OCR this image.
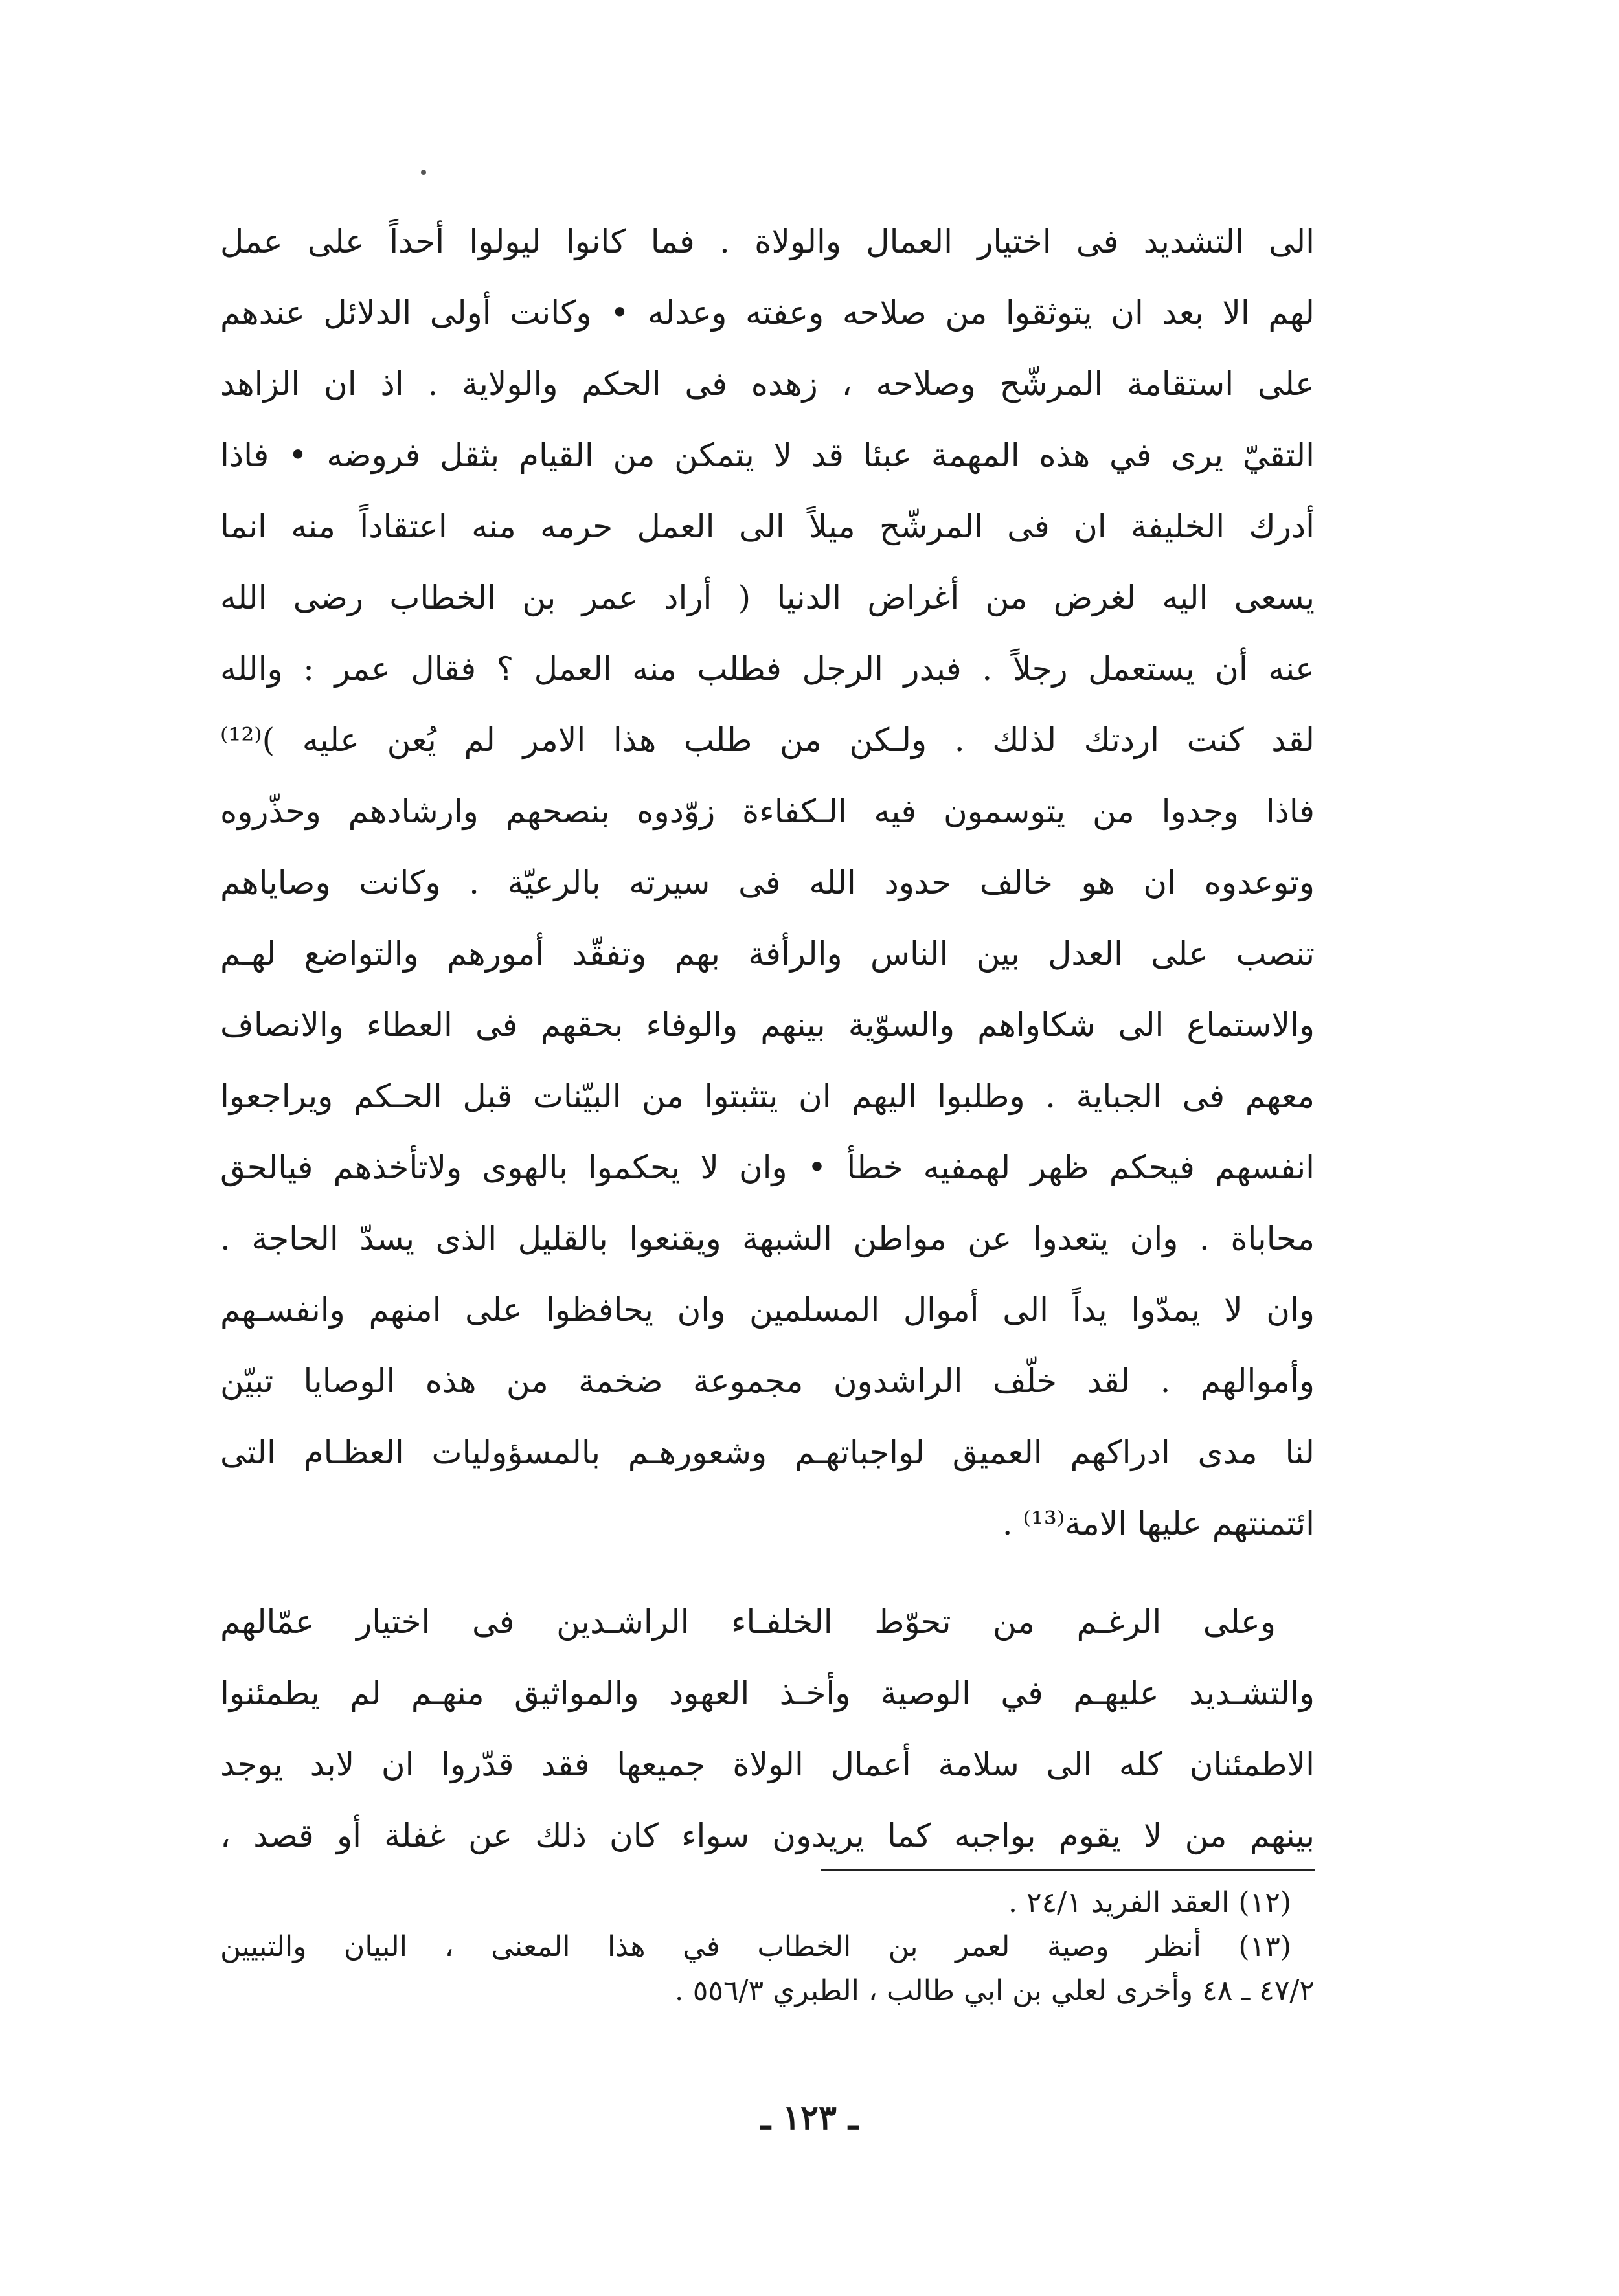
الى التشديد فى اختيار العمال والولاة . فما كانوا ليولوا أحداً على عمل
لهم الا بعد ان يتوثقوا من صلاحه وعفته وعدله • وكانت أولى الدلائل عندهم
على استقامة المرشّح وصلاحه ، زهده فى الحكم والولاية . اذ ان الزاهد
التقيّ يرى في هذه المهمة عبئا قد لا يتمكن من القيام بثقل فروضه • فاذا
أدرك الخليفة ان فى المرشّح ميلاً الى العمل حرمه منه اعتقاداً منه انما
يسعى اليه لغرض من أغراض الدنيا ( أراد عمر بن الخطاب رضى الله
عنه أن يستعمل رجلاً . فبدر الرجل فطلب منه العمل ؟ فقال عمر : والله
لقد كنت اردتك لذلك . ولـكن من طلب هذا الامر لم يُعن عليه )⁽¹²⁾
فاذا وجدوا من يتوسمون فيه الـكفاءة زوّدوه بنصحهم وارشادهم وحذّروه
وتوعدوه ان هو خالف حدود الله فى سيرته بالرعيّة . وكانت وصاياهم
تنصب على العدل بين الناس والرأفة بهم وتفقّد أمورهم والتواضع لهـم
والاستماع الى شكاواهم والسوّية بينهم والوفاء بحقهم فى العطاء والانصاف
معهم فى الجباية . وطلبوا اليهم ان يتثبتوا من البيّنات قبل الحـكم ويراجعوا
انفسهم فيحكم ظهر لهمفيه خطأ • وان لا يحكموا بالهوى ولاتأخذهم فيالحق
محاباة . وان يتعدوا عن مواطن الشبهة ويقنعوا بالقليل الذى يسدّ الحاجة .
وان لا يمدّوا يداً الى أموال المسلمين وان يحافظوا على امنهم وانفسـهم
وأموالهم . لقد خلّف الراشدون مجموعة ضخمة من هذه الوصايا تبيّن
لنا مدى ادراكهم العميق لواجباتهـم وشعورهـم بالمسؤوليات العظـام التى
ائتمنتهم عليها الامة⁽¹³⁾ .
وعلى الرغـم من تحوّط الخلفـاء الراشـدين فى اختيار عمّالهم
والتشـديد عليهـم في الوصية وأخـذ العهود والمواثيق منهـم لم يطمئنوا
الاطمئنان كله الى سلامة أعمال الولاة جميعها فقد قدّروا ان لابد يوجد
بينهم من لا يقوم بواجبه كما يريدون سواء كان ذلك عن غفلة أو قصد ،
(١٢) العقد الفريد ٢٤/١ .
(١٣) أنظر وصية لعمر بن الخطاب في هذا المعنى ، البيان والتبيين
٤٧/٢ ـ ٤٨ وأخرى لعلي بن ابي طالب ، الطبري ٥٥٦/٣ .
ـ ١٢٣ ـ
